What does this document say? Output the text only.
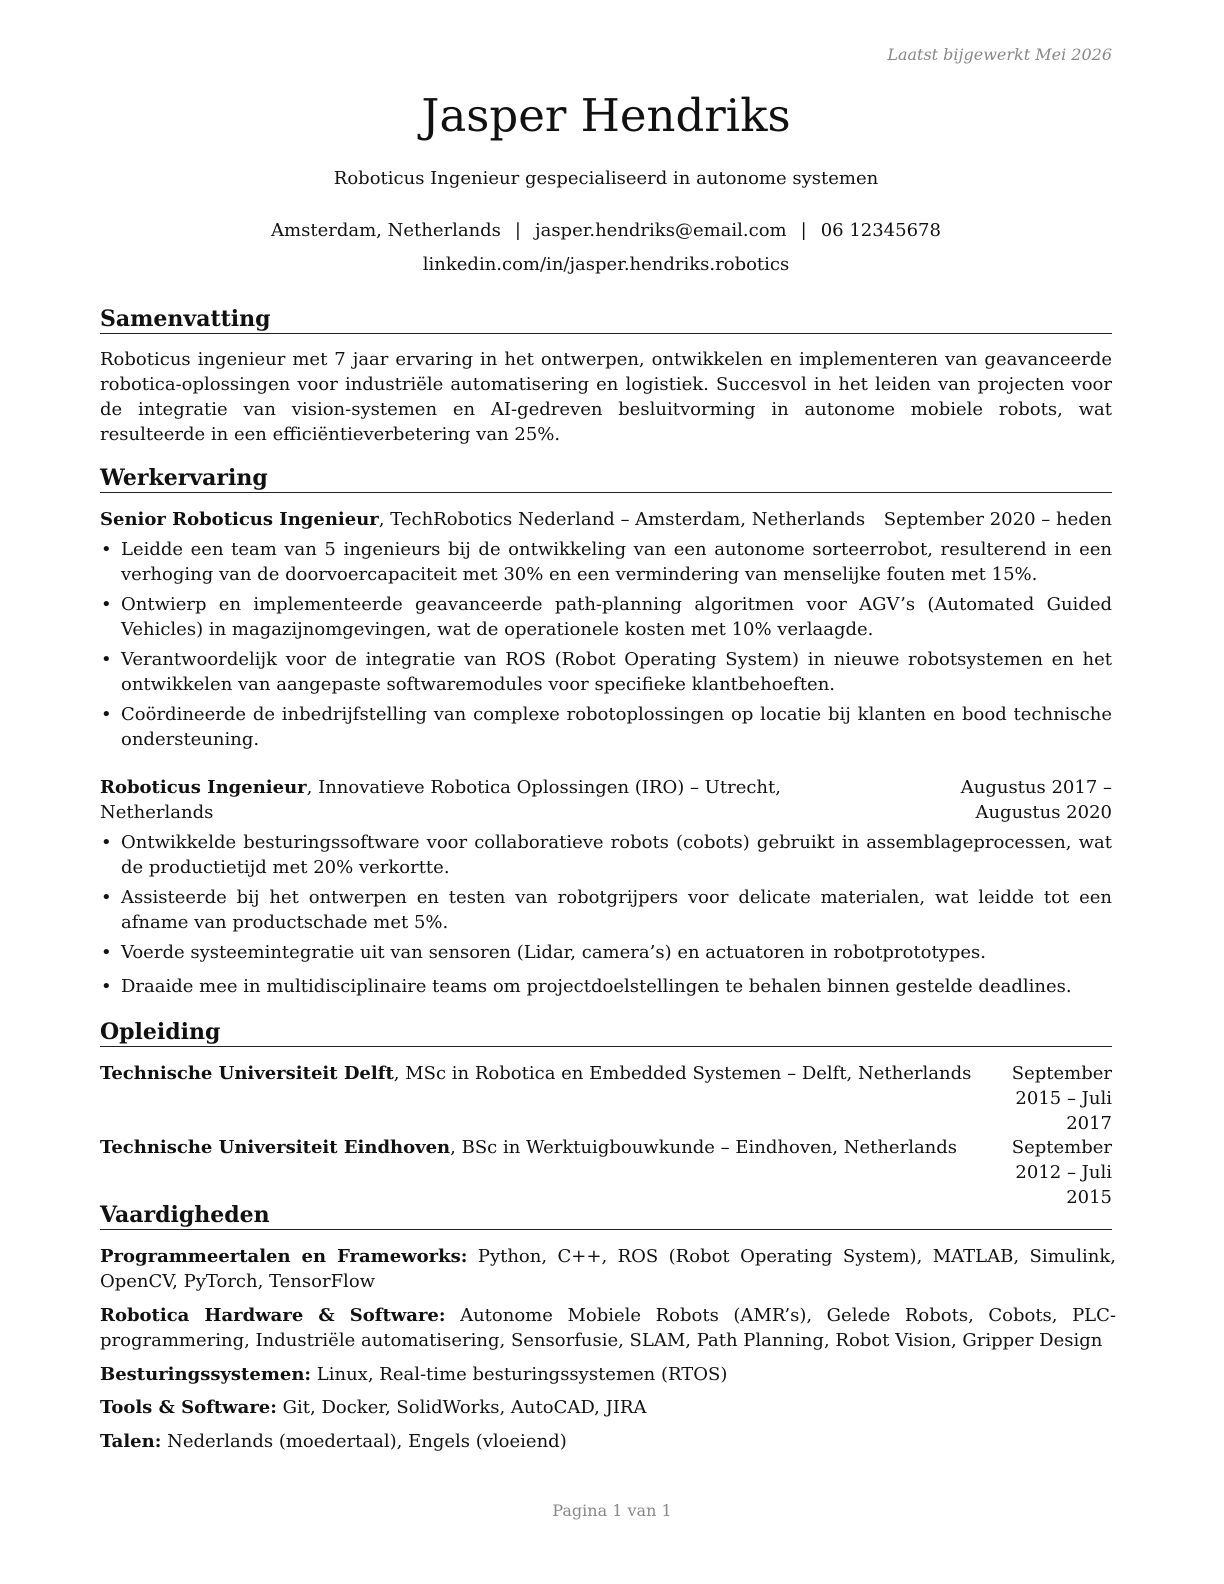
Laatst bijgewerkt Mei 2026
Jasper Hendriks
Roboticus Ingenieur gespecialiseerd in autonome systemen
Amsterdam, Netherlands | jasper.hendriks@email.com | 06 12345678
linkedin.com/in/jasper.hendriks.robotics
Samenvatting
Roboticus ingenieur met 7 jaar ervaring in het ontwerpen, ontwikkelen en implementeren van geavanceerde robotica-oplossingen voor industriële automatisering en logistiek. Succesvol in het leiden van projecten voor de integratie van vision-systemen en AI-gedreven besluitvorming in autonome mobiele robots, wat resulteerde in een efficiëntieverbetering van 25%.
Werkervaring
Senior Roboticus Ingenieur, TechRobotics Nederland – Amsterdam, Netherlands	September 2020 – heden
• Leidde een team van 5 ingenieurs bij de ontwikkeling van een autonome sorteerrobot, resulterend in een verhoging van de doorvoercapaciteit met 30% en een vermindering van menselijke fouten met 15%.
• Ontwierp en implementeerde geavanceerde path-planning algoritmen voor AGV’s (Automated Guided Vehicles) in magazijnomgevingen, wat de operationele kosten met 10% verlaagde.
• Verantwoordelijk voor de integratie van ROS (Robot Operating System) in nieuwe robotsystemen en het ontwikkelen van aangepaste softwaremodules voor specifieke klantbehoeften.
• Coördineerde de inbedrijfstelling van complexe robotoplossingen op locatie bij klanten en bood technische ondersteuning.
Roboticus Ingenieur, Innovatieve Robotica Oplossingen (IRO) – Utrecht, Netherlands
Augustus 2017 – Augustus 2020
• Ontwikkelde besturingssoftware voor collaboratieve robots (cobots) gebruikt in assemblageprocessen, wat de productietijd met 20% verkortte.
• Assisteerde bij het ontwerpen en testen van robotgrijpers voor delicate materialen, wat leidde tot een afname van productschade met 5%.
• Voerde systeemintegratie uit van sensoren (Lidar, camera’s) en actuatoren in robotprototypes.
• Draaide mee in multidisciplinaire teams om projectdoelstellingen te behalen binnen gestelde deadlines.
Opleiding
Technische Universiteit Delft, MSc in Robotica en Embedded Systemen – Delft, Netherlands	September 2015 – Juli 2017
Technische Universiteit Eindhoven, BSc in Werktuigbouwkunde – Eindhoven, Netherlands	September 2012 – Juli 2015
Vaardigheden
Programmeertalen en Frameworks: Python, C++, ROS (Robot Operating System), MATLAB, Simulink, OpenCV, PyTorch, TensorFlow
Robotica Hardware & Software: Autonome Mobiele Robots (AMR’s), Gelede Robots, Cobots, PLC-programmering, Industriële automatisering, Sensorfusie, SLAM, Path Planning, Robot Vision, Gripper Design
Besturingssystemen: Linux, Real-time besturingssystemen (RTOS)
Tools & Software: Git, Docker, SolidWorks, AutoCAD, JIRA
Talen: Nederlands (moedertaal), Engels (vloeiend)
Pagina 1 van 1
